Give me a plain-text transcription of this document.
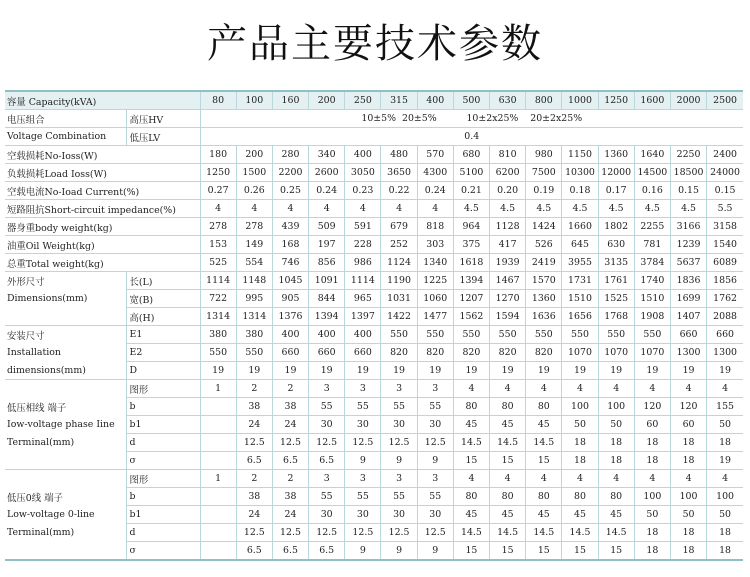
产品主要技术参数
容量 Capacity(kVA)		80	100	160	200	250	315	400	500	630	800	1000	1250	1600	2000	2500
电压组合	高压HV	10±5%  20±5%          10±2x25%    20±2x25%														
Voltage Combination	低压LV	0.4														
空载损耗No-Ioss(W)		180	200	280	340	400	480	570	680	810	980	1150	1360	1640	2250	2400
负载损耗Load Ioss(W)		1250	1500	2200	2600	3050	3650	4300	5100	6200	7500	10300	12000	14500	18500	24000
空载电流No-Ioad Current(%)		0.27	0.26	0.25	0.24	0.23	0.22	0.24	0.21	0.20	0.19	0.18	0.17	0.16	0.15	0.15
短路阻抗Short-circuit impedance(%)		4	4	4	4	4	4	4	4.5	4.5	4.5	4.5	4.5	4.5	4.5	5.5
器身重body weight(kg)		278	278	439	509	591	679	818	964	1128	1424	1660	1802	2255	3166	3158
油重Oil Weight(kg)		153	149	168	197	228	252	303	375	417	526	645	630	781	1239	1540
总重Total weight(kg)		525	554	746	856	986	1124	1340	1618	1939	2419	3955	3135	3784	5637	6089
外形尺寸	长(L)	1114	1148	1045	1091	1114	1190	1225	1394	1467	1570	1731	1761	1740	1836	1856
Dimensions(mm)	宽(B)	722	995	905	844	965	1031	1060	1207	1270	1360	1510	1525	1510	1699	1762
	高(H)	1314	1314	1376	1394	1397	1422	1477	1562	1594	1636	1656	1768	1908	1407	2088
安装尺寸	E1	380	380	400	400	400	550	550	550	550	550	550	550	550	660	660
Installation	E2	550	550	660	660	660	820	820	820	820	820	1070	1070	1070	1300	1300
dimensions(mm)	D	19	19	19	19	19	19	19	19	19	19	19	19	19	19	19
	图形	1	2	2	3	3	3	3	4	4	4	4	4	4	4	4
低压相线 端子	b		38	38	55	55	55	55	80	80	80	100	100	120	120	155
Iow-voltage phase Iine	b1		24	24	30	30	30	30	45	45	45	50	50	60	60	50
Terminal(mm)	d		12.5	12.5	12.5	12.5	12.5	12.5	14.5	14.5	14.5	18	18	18	18	18
	σ		6.5	6.5	6.5	9	9	9	15	15	15	18	18	18	18	19
	图形	1	2	2	3	3	3	3	4	4	4	4	4	4	4	4
低压0线 端子	b		38	38	55	55	55	55	80	80	80	80	80	100	100	100
Low-voltage 0-line	b1		24	24	30	30	30	30	45	45	45	45	45	50	50	50
Terminal(mm)	d		12.5	12.5	12.5	12.5	12.5	12.5	14.5	14.5	14.5	14.5	14.5	18	18	18
	σ		6.5	6.5	6.5	9	9	9	15	15	15	15	15	18	18	18
